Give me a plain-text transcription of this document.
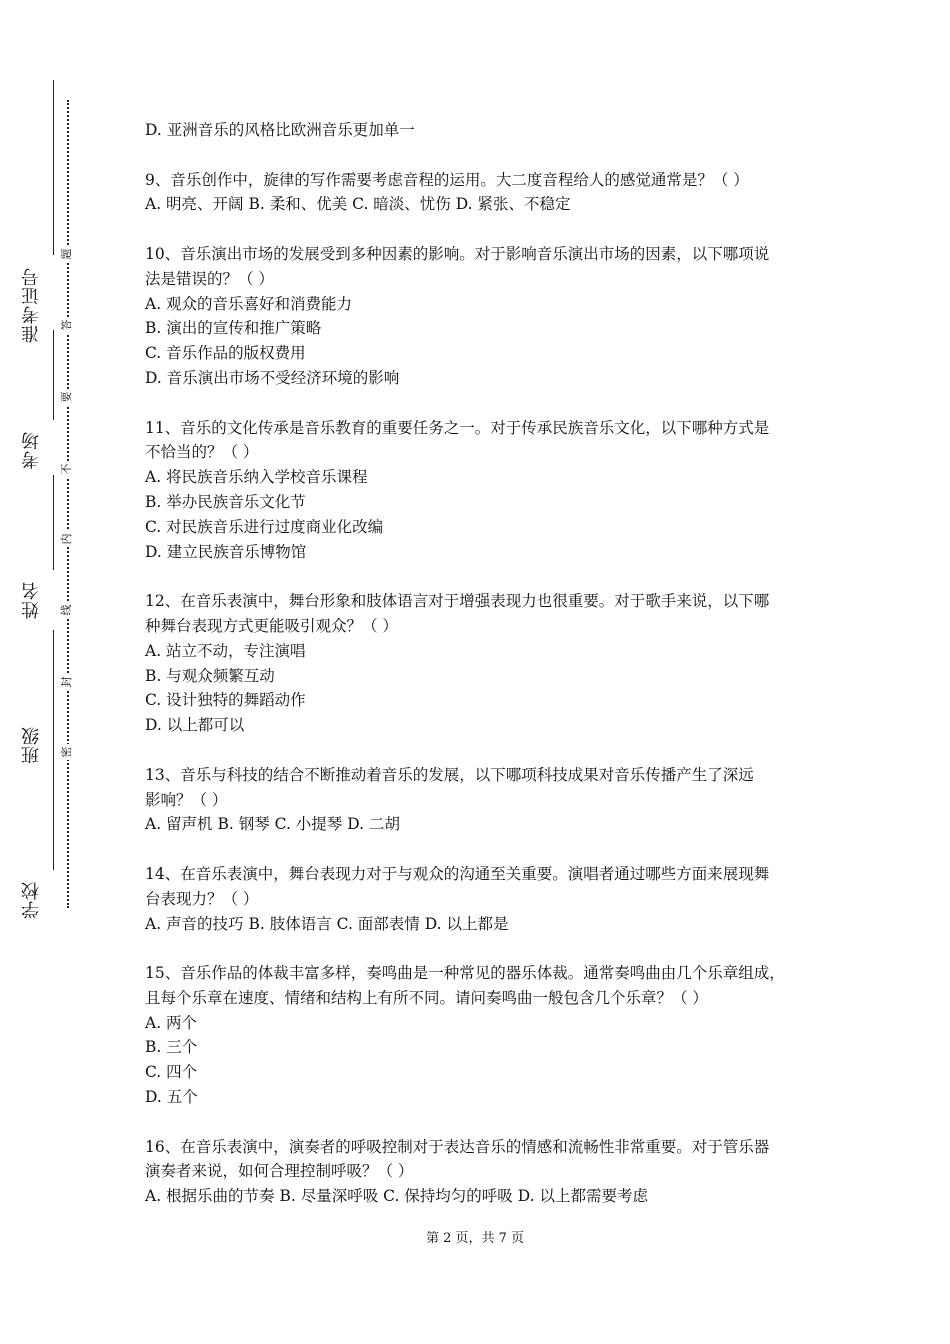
学校
班级
姓名
考场
准考证号
密
封
线
内
不
要
答
题

D. 亚洲音乐的风格比欧洲音乐更加单一

9、音乐创作中，旋律的写作需要考虑音程的运用。大二度音程给人的感觉通常是？（ ）

A. 明亮、开阔 B. 柔和、优美 C. 暗淡、忧伤 D. 紧张、不稳定

10、音乐演出市场的发展受到多种因素的影响。对于影响音乐演出市场的因素，以下哪项说

法是错误的？（ ）

A. 观众的音乐喜好和消费能力

B. 演出的宣传和推广策略

C. 音乐作品的版权费用

D. 音乐演出市场不受经济环境的影响

11、音乐的文化传承是音乐教育的重要任务之一。对于传承民族音乐文化，以下哪种方式是

不恰当的？（ ）

A. 将民族音乐纳入学校音乐课程

B. 举办民族音乐文化节

C. 对民族音乐进行过度商业化改编

D. 建立民族音乐博物馆

12、在音乐表演中，舞台形象和肢体语言对于增强表现力也很重要。对于歌手来说，以下哪

种舞台表现方式更能吸引观众？（ ）

A. 站立不动，专注演唱

B. 与观众频繁互动

C. 设计独特的舞蹈动作

D. 以上都可以

13、音乐与科技的结合不断推动着音乐的发展，以下哪项科技成果对音乐传播产生了深远

影响？（ ）

A. 留声机 B. 钢琴 C. 小提琴 D. 二胡

14、在音乐表演中，舞台表现力对于与观众的沟通至关重要。演唱者通过哪些方面来展现舞

台表现力？（ ）

A. 声音的技巧 B. 肢体语言 C. 面部表情 D. 以上都是

15、音乐作品的体裁丰富多样，奏鸣曲是一种常见的器乐体裁。通常奏鸣曲由几个乐章组成，

且每个乐章在速度、情绪和结构上有所不同。请问奏鸣曲一般包含几个乐章？（ ）

A. 两个

B. 三个

C. 四个

D. 五个

16、在音乐表演中，演奏者的呼吸控制对于表达音乐的情感和流畅性非常重要。对于管乐器

演奏者来说，如何合理控制呼吸？（ ）

A. 根据乐曲的节奏 B. 尽量深呼吸 C. 保持均匀的呼吸 D. 以上都需要考虑

第 2 页，共 7 页
